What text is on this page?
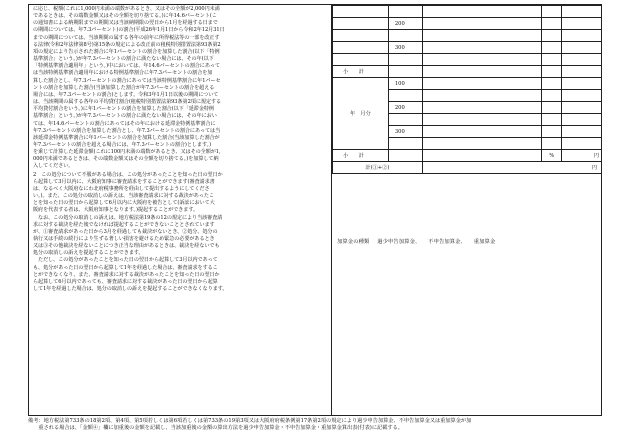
に応じ、税額(これに1,000円未満の端数があるとき、又はその全額が2,000円未満

であるときは、その端数金額又はその全額を切り捨てる。)に年14.6パーセント(こ

の通知書による納期限までの期間又は当該納期限の翌日から1月を経過する日まで

の期間については、年7.3パーセント)の割合(平成26年1月1日から令和2年12月31日

までの期間については、当該期間の属する各年の前年に所得税法等の一部を改正す

る法律(令和2年法律第8号)第15条の規定による改正前の租税特別措置法第93条第2

項の規定により告示された割合に年1パーセントの割合を加算した割合(以下「特例

基準割合」という。)が年7.3パーセントの割合に満たない場合には、その年(以下

「特例基準割合適用年」という。)中においては、年14.6パーセントの割合にあって

は当該特例基準割合適用年における特例基準割合に年7.3パーセントの割合を加

算した割合とし、年7.3パーセントの割合にあっては当該特例基準割合に年1パーセ

ントの割合を加算した割合(当該加算した割合が年7.3パーセントの割合を超える

場合には、年7.3パーセントの割合)とします。令和3年1月1日以後の期間について

は、当該期間の属する各年の平均貸付割合(租税特別措置法第93条第2項に規定する

平均貸付割合をいう。)に年1パーセントの割合を加算した割合(以下「延滞金特例

基準割合」という。)が年7.3パーセントの割合に満たない場合には、その年におい

ては、年14.6パーセントの割合にあってはその年における延滞金特例基準割合に

年7.3パーセントの割合を加算した割合とし、年7.3パーセントの割合にあっては当

該延滞金特例基準割合に年1パーセントの割合を加算した割合(当該加算した割合が

年7.3パーセントの割合を超える場合には、年7.3パーセントの割合)とします。)

を乗じて計算した延滞金額(これに100円未満の端数があるとき、又はその全額が1,

000円未満であるときは、その端数金額又はその全額を切り捨てる。)を加算して納

入してください。

2　この処分について不服がある場合は、この処分があったことを知った日の翌日か

ら起算して3月以内に、大阪府知事に審査請求をすることができます(審査請求書

は、なるべく大阪府なにわ北府税事務所を経由して提出するようにしてくださ

い。)。また、この処分の取消しの訴えは、当該審査請求に対する裁決があったこ

とを知った日の翌日から起算して6月以内に大阪府を被告として(訴訟において大

阪府を代表する者は、大阪府知事となります。)提起することができます。

　なお、この処分の取消しの訴えは、地方税法第19条の12の規定により当該審査請

求に対する裁決を経た後でなければ提起することができないこととされています

が、①審査請求があった日から3月を経過しても裁決がないとき、②処分、処分の

執行又は手続の続行により生ずる著しい損害を避けるため緊急の必要があるとき

又は③その他裁決を経ないことにつき正当な理由があるときは、裁決を経ないでも

処分の取消しの訴えを提起することができます。

　ただし、この処分があったことを知った日の翌日から起算して3月以内であって

も、処分があった日の翌日から起算して1年を経過した場合は、審査請求をするこ

とができなくなり、また、審査請求に対する裁決があったことを知った日の翌日か

ら起算して6月以内であっても、審査請求に対する裁決があった日の翌日から起算

して1年を経過した場合は、処分の取消しの訴えを提起することができなくなります。

	200			

	300			

小　　計				
年　月分	100			

	200			

	300			

小　　計			%	円
計(①+②)		円		
加算金の種類 過少申告加算金、 不申告加算金、 重加算金

備考：地方税法第733条の18第2項、第4項、第5項若しくは第6項若しくは第733条の19第3項又は大阪府府税条例第17条第2項の規定により過少申告加算金、不申告加算金又は重加算金が加

　　重される場合は、「金額④」欄に加重後の金額を記載し、当該加重後の金額の算出方法を過少申告加算金・不申告加算金・重加算金算出表(付表)に記載する。
